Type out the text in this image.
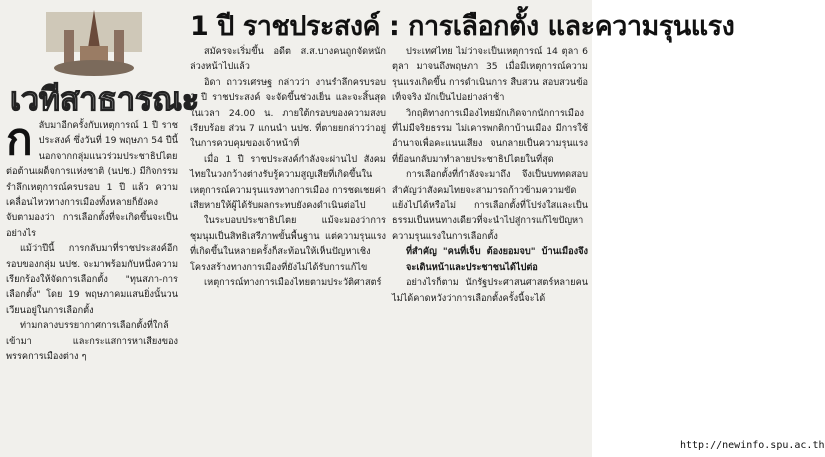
เวทีสาธารณะ
1 ปี ราชประสงค์ : การเลือกตั้ง และความรุนแรง
ก ลับมาอีกครั้งกับเหตุการณ์ 1 ปี ราชประสงค์ ซึ่งวันที่ 19 พฤษภา 54 ปีนี้ นอกจากกลุ่มแนวร่วมประชาธิปไตยต่อต้านเผด็จการแห่งชาติ (นปช.) มีกิจกรรมรำลึกเหตุการณ์ครบรอบ 1 ปี แล้ว ความเคลื่อนไหวทางการเมืองทั้งหลายก็ยังคงจับตามองว่า การเลือกตั้งที่จะเกิดขึ้นจะเป็นอย่างไร

แม้ว่าปีนี้ การกลับมาที่ราชประสงค์อีกรอบของกลุ่ม นปช. จะมาพร้อมกับหนึ่งความเรียกร้องให้จัดการเลือกตั้ง "ทุนสภา-การเลือกตั้ง" โดย 19 พฤษภาคมแสนยิ่งนั้นวนเวียนอยู่ในการเลือกตั้ง

ท่ามกลางบรรยากาศการเลือกตั้งที่ใกล้เข้ามา และกระแสการหาเสียงของพรรคการเมืองต่าง ๆ

สมัครจะเริ่มขึ้น อดีต ส.ส.บางคนถูกจัดหนักล่วงหน้าไปแล้ว

อิดา ถาวรเศรษฐ กล่าวว่า งานรำลึกครบรอบ 1 ปี ราชประสงค์ จะจัดขึ้นช่วงเย็น และจะสิ้นสุดในเวลา 24.00 น. ภายใต้กรอบของความสงบเรียบร้อย ส่วน 7 แกนนำ นปช. ที่ตายยกล่าวว่าอยู่ในการควบคุมของเจ้าหน้าที่

เมื่อ 1 ปี ราชประสงค์กำลังจะผ่านไป สังคมไทยในวงกว้างต่างรับรู้ความสูญเสียที่เกิดขึ้นในเหตุการณ์ความรุนแรงทางการเมือง การชดเชยค่าเสียหายให้ผู้ได้รับผลกระทบยังคงดำเนินต่อไป

ในระบอบประชาธิปไตย แม้จะมองว่าการชุมนุมเป็นสิทธิเสรีภาพขั้นพื้นฐาน แต่ความรุนแรงที่เกิดขึ้นในหลายครั้งก็สะท้อนให้เห็นปัญหาเชิงโครงสร้างทางการเมืองที่ยังไม่ได้รับการแก้ไข

เหตุการณ์ทางการเมืองไทยตามประวัติศาสตร์

ประเทศไทย ไม่ว่าจะเป็นเหตุการณ์ 14 ตุลา 6 ตุลา มาจนถึงพฤษภา 35 เมื่อมีเหตุการณ์ความรุนแรงเกิดขึ้น การดำเนินการ สืบสวน สอบสวนข้อเท็จจริง มักเป็นไปอย่างล่าช้า

วิกฤติทางการเมืองไทยมักเกิดจากนักการเมืองที่ไม่มีจริยธรรม ไม่เคารพกติกาบ้านเมือง มีการใช้อำนาจเพื่อคะแนนเสียง จนกลายเป็นความรุนแรงที่ย้อนกลับมาทำลายประชาธิปไตยในที่สุด

การเลือกตั้งที่กำลังจะมาถึง จึงเป็นบททดสอบสำคัญว่าสังคมไทยจะสามารถก้าวข้ามความขัดแย้งไปได้หรือไม่ การเลือกตั้งที่โปร่งใสและเป็นธรรมเป็นหนทางเดียวที่จะนำไปสู่การแก้ไขปัญหาความรุนแรงในการเลือกตั้ง

ที่สำคัญ "คนที่เจ็บ ต้องยอมจบ" บ้านเมืองจึงจะเดินหน้าและประชาชนได้ไปต่อ

อย่างไรก็ตาม นักรัฐประศาสนศาสตร์หลายคนไม่ได้คาดหวังว่าการเลือกตั้งครั้งนี้จะได้

http://newinfo.spu.ac.th
